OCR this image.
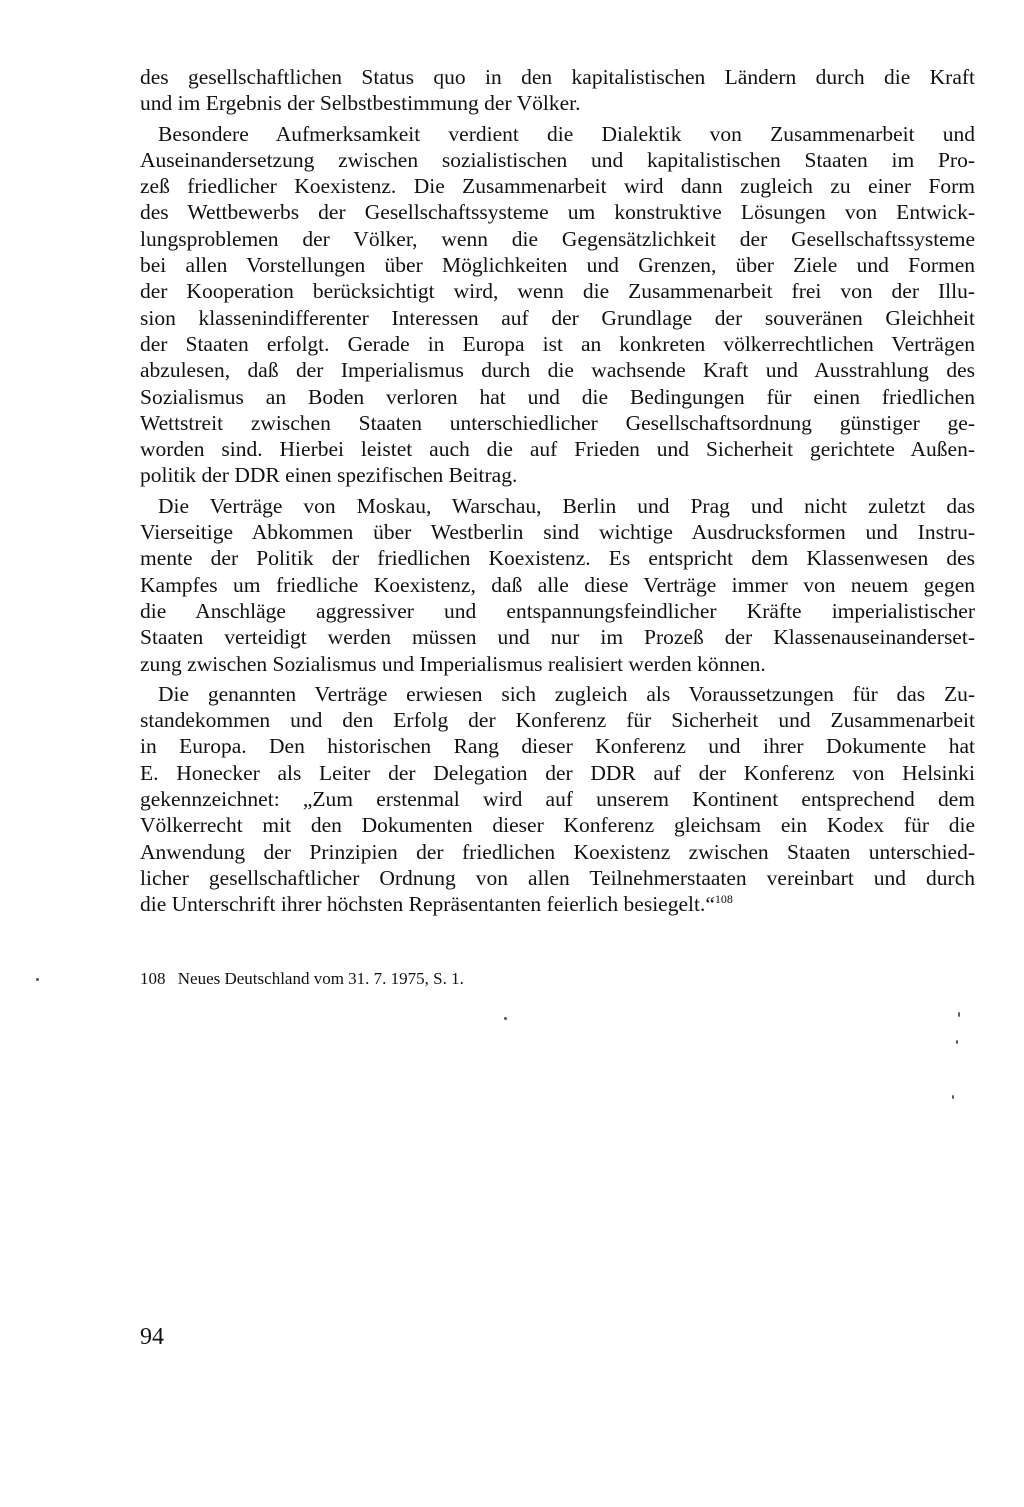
des gesellschaftlichen Status quo in den kapitalistischen Ländern durch die Kraft
und im Ergebnis der Selbstbestimmung der Völker.
Besondere Aufmerksamkeit verdient die Dialektik von Zusammenarbeit und
Auseinandersetzung zwischen sozialistischen und kapitalistischen Staaten im Pro-
zeß friedlicher Koexistenz. Die Zusammenarbeit wird dann zugleich zu einer Form
des Wettbewerbs der Gesellschaftssysteme um konstruktive Lösungen von Entwick-
lungsproblemen der Völker, wenn die Gegensätzlichkeit der Gesellschaftssysteme
bei allen Vorstellungen über Möglichkeiten und Grenzen, über Ziele und Formen
der Kooperation berücksichtigt wird, wenn die Zusammenarbeit frei von der Illu-
sion klassenindifferenter Interessen auf der Grundlage der souveränen Gleichheit
der Staaten erfolgt. Gerade in Europa ist an konkreten völkerrechtlichen Verträgen
abzulesen, daß der Imperialismus durch die wachsende Kraft und Ausstrahlung des
Sozialismus an Boden verloren hat und die Bedingungen für einen friedlichen
Wettstreit zwischen Staaten unterschiedlicher Gesellschaftsordnung günstiger ge-
worden sind. Hierbei leistet auch die auf Frieden und Sicherheit gerichtete Außen-
politik der DDR einen spezifischen Beitrag.
Die Verträge von Moskau, Warschau, Berlin und Prag und nicht zuletzt das
Vierseitige Abkommen über Westberlin sind wichtige Ausdrucksformen und Instru-
mente der Politik der friedlichen Koexistenz. Es entspricht dem Klassenwesen des
Kampfes um friedliche Koexistenz, daß alle diese Verträge immer von neuem gegen
die Anschläge aggressiver und entspannungsfeindlicher Kräfte imperialistischer
Staaten verteidigt werden müssen und nur im Prozeß der Klassenauseinanderset-
zung zwischen Sozialismus und Imperialismus realisiert werden können.
Die genannten Verträge erwiesen sich zugleich als Voraussetzungen für das Zu-
standekommen und den Erfolg der Konferenz für Sicherheit und Zusammenarbeit
in Europa. Den historischen Rang dieser Konferenz und ihrer Dokumente hat
E. Honecker als Leiter der Delegation der DDR auf der Konferenz von Helsinki
gekennzeichnet: „Zum erstenmal wird auf unserem Kontinent entsprechend dem
Völkerrecht mit den Dokumenten dieser Konferenz gleichsam ein Kodex für die
Anwendung der Prinzipien der friedlichen Koexistenz zwischen Staaten unterschied-
licher gesellschaftlicher Ordnung von allen Teilnehmerstaaten vereinbart und durch
die Unterschrift ihrer höchsten Repräsentanten feierlich besiegelt.“$^{108}$
108 Neues Deutschland vom 31. 7. 1975, S. 1.
94
